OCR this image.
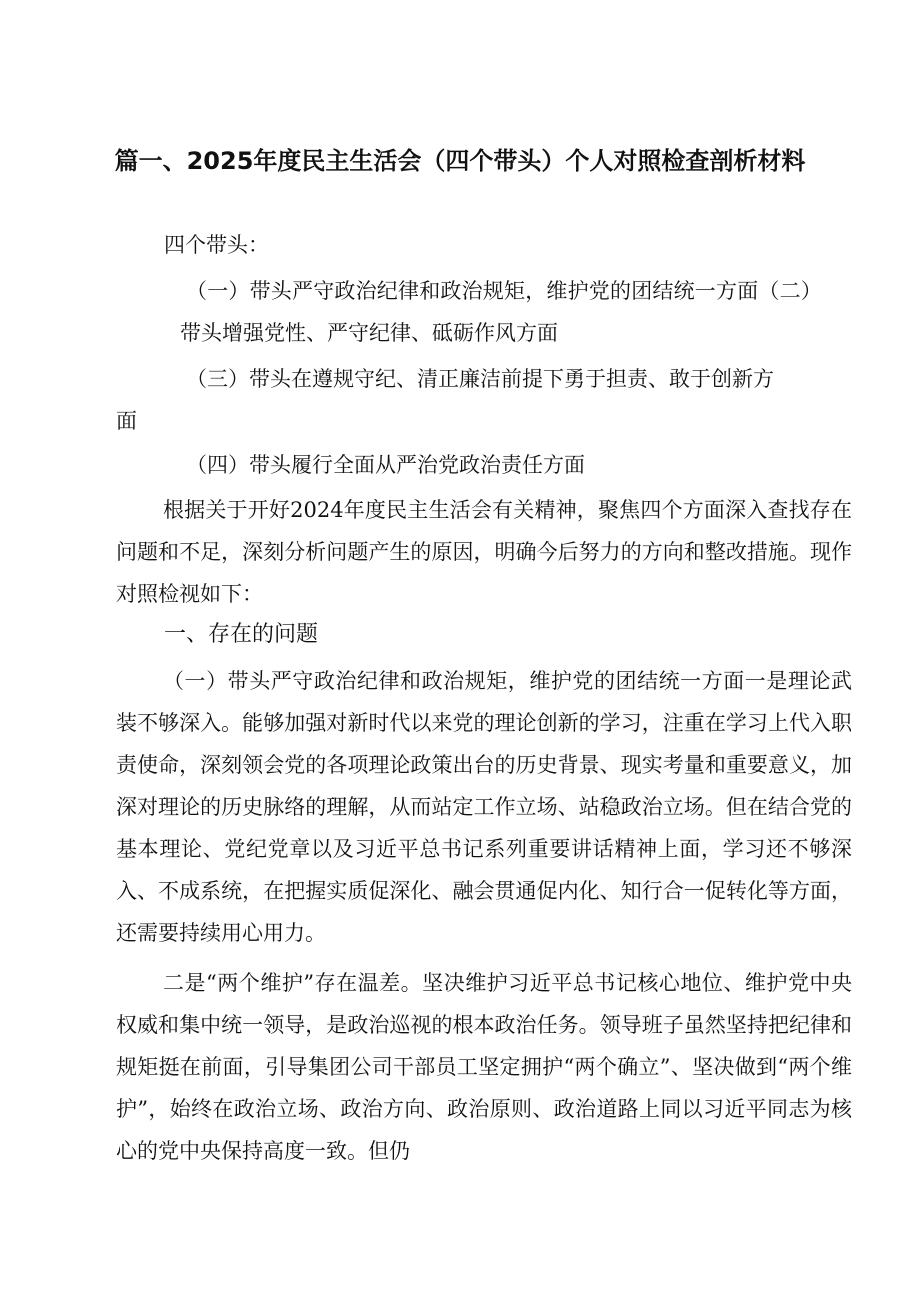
篇一、2025年度民主生活会（四个带头）个人对照检查剖析材料
四个带头：
（一）带头严守政治纪律和政治规矩，维护党的团结统一方面（二）
带头增强党性、严守纪律、砥砺作风方面
（三）带头在遵规守纪、清正廉洁前提下勇于担责、敢于创新方
面
（四）带头履行全面从严治党政治责任方面
根据关于开好2024年度民主生活会有关精神，聚焦四个方面深入查找存在问题和不足，深刻分析问题产生的原因，明确今后努力的方向和整改措施。现作对照检视如下：
一、存在的问题
（一）带头严守政治纪律和政治规矩，维护党的团结统一方面一是理论武装不够深入。能够加强对新时代以来党的理论创新的学习，注重在学习上代入职责使命，深刻领会党的各项理论政策出台的历史背景、现实考量和重要意义，加深对理论的历史脉络的理解，从而站定工作立场、站稳政治立场。但在结合党的基本理论、党纪党章以及习近平总书记系列重要讲话精神上面，学习还不够深入、不成系统，在把握实质促深化、融会贯通促内化、知行合一促转化等方面，还需要持续用心用力。
二是“两个维护”存在温差。坚决维护习近平总书记核心地位、维护党中央权威和集中统一领导，是政治巡视的根本政治任务。领导班子虽然坚持把纪律和规矩挺在前面，引导集团公司干部员工坚定拥护“两个确立”、坚决做到“两个维护”，始终在政治立场、政治方向、政治原则、政治道路上同以习近平同志为核心的党中央保持高度一致。但仍
